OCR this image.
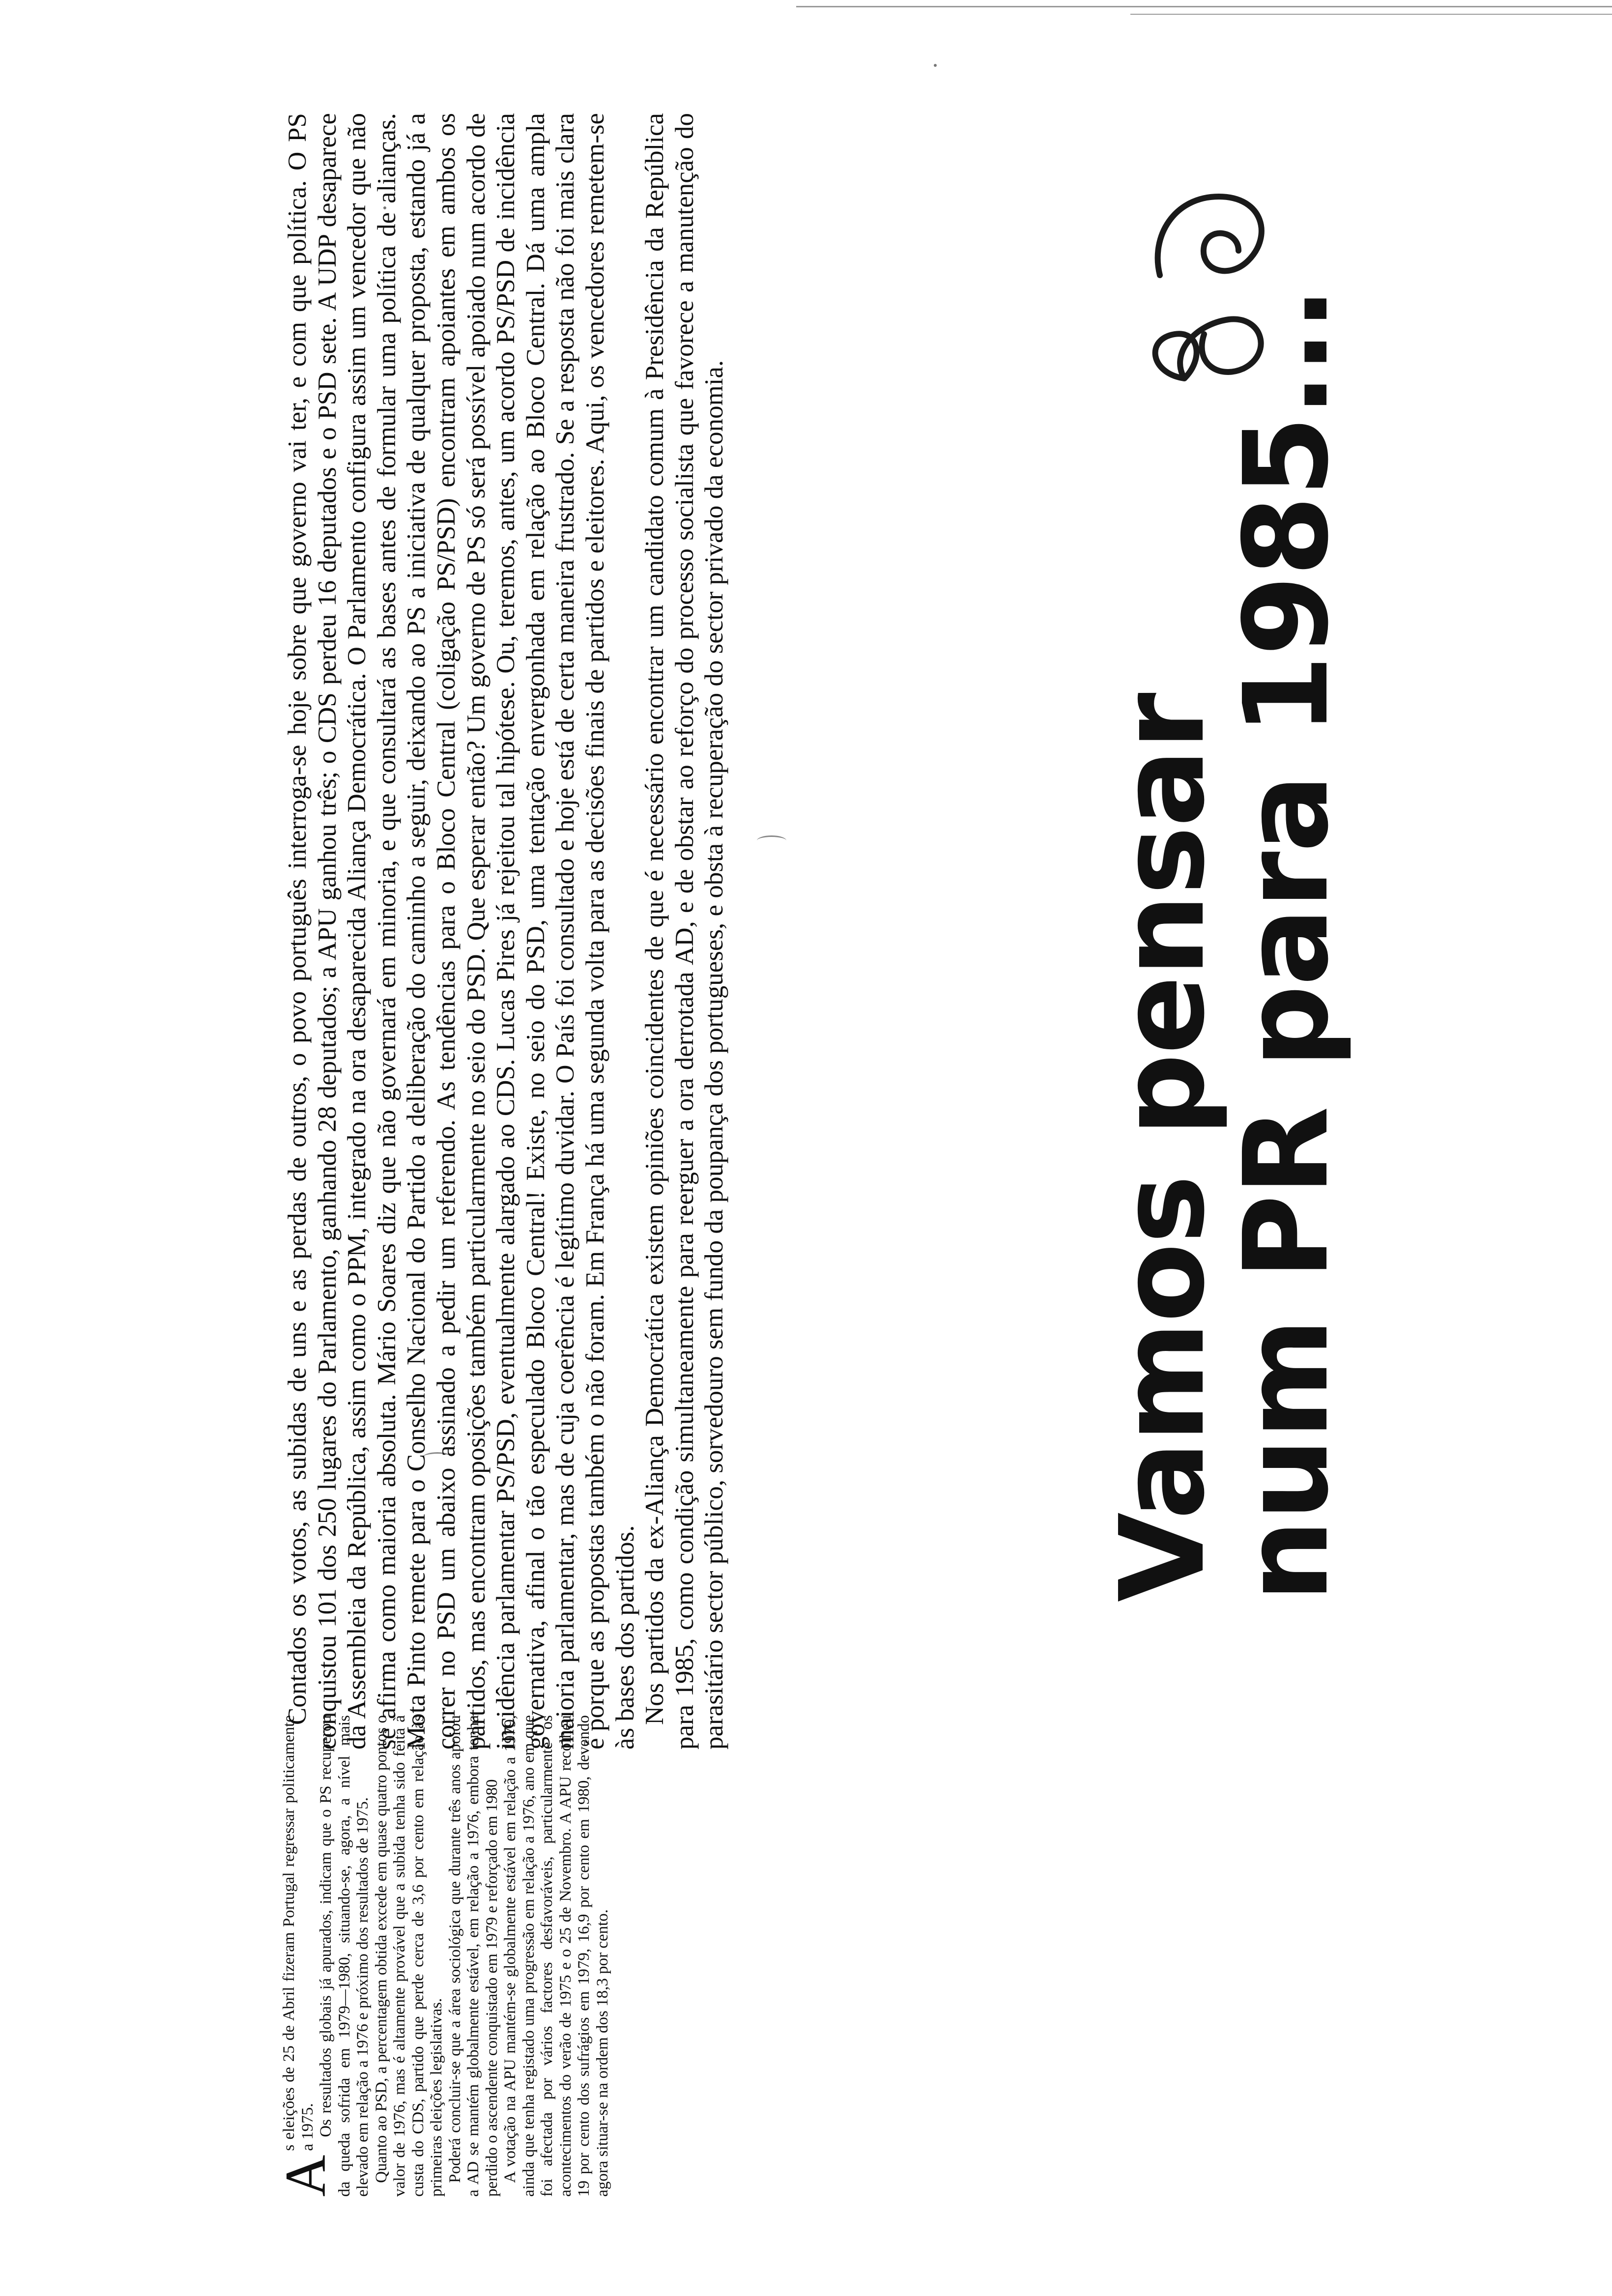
A
s eleições de 25 de Abril fizeram Portugal regressar politicamente a 1975. Os resultados globais já apurados, indicam que o PS recuperou da queda sofrida em 1979—1980, situando-se, agora, a nível mais elevado em relação a 1976 e próximo dos resultados de 1975. Quanto ao PSD, a percentagem obtida excede em quase quatro pontos o valor de 1976, mas é altamente provável que a subida tenha sido feita à custa do CDS, partido que perde cerca de 3,6 por cento em relação às primeiras eleições legislativas. Poderá concluir-se que a área sociológica que durante três anos apoiou a AD se mantém globalmente estável, em relação a 1976, embora tenha perdido o ascendente conquistado em 1979 e reforçado em 1980 A votação na APU mantém-se globalmente estável em relação a 1979, ainda que tenha registado uma progressão em relação a 1976, ano em que foi afectada por vários factores desfavoráveis, particularmente os acontecimentos do verão de 1975 e o 25 de Novembro. A APU recolheu 19 por cento dos sufrágios em 1979, 16,9 por cento em 1980, devendo agora situar-se na ordem dos 18,3 por cento.

Contados os votos, as subidas de uns e as perdas de outros, o povo português interroga-se hoje sobre que governo vai ter, e com que política. O PS conquistou 101 dos 250 lugares do Parlamento, ganhando 28 deputados; a APU ganhou três; o CDS perdeu 16 deputados e o PSD sete. A UDP desaparece da Assembleia da República, assim como o PPM, integrado na ora desaparecida Aliança Democrática. O Parlamento configura assim um vencedor que não se afirma como maioria absoluta. Mário Soares diz que não governará em minoria, e que consultará as bases antes de formular uma política de alianças. Mota Pinto remete para o Conselho Nacional do Partido a deliberação do caminho a seguir, deixando ao PS a iniciativa de qualquer proposta, estando já a correr no PSD um abaixo assinado a pedir um referendo. As tendências para o Bloco Central (coligação PS/PSD) encontram apoiantes em ambos os partidos, mas encontram oposições também particularmente no seio do PSD. Que esperar então? Um governo de PS só será possível apoiado num acordo de incidência parlamentar PS/PSD, eventualmente alargado ao CDS. Lucas Pires já rejeitou tal hipótese. Ou, teremos, antes, um acordo PS/PSD de incidência governativa, afinal o tão especulado Bloco Central! Existe, no seio do PSD, uma tentação envergonhada em relação ao Bloco Central. Dá uma ampla maioria parlamentar, mas de cuja coerência é legítimo duvidar. O País foi consultado e hoje está de certa maneira frustrado. Se a resposta não foi mais clara é porque as propostas também o não foram. Em França há uma segunda volta para as decisões finais de partidos e eleitores. Aqui, os vencedores remetem-se às bases dos partidos. Nos partidos da ex-Aliança Democrática existem opiniões coincidentes de que é necessário encontrar um candidato comum à Presidência da República para 1985, como condição simultaneamente para reerguer a ora derrotada AD, e de obstar ao reforço do processo socialista que favorece a manutenção do parasitário sector público, sorvedouro sem fundo da poupança dos portugueses, e obsta à recuperação do sector privado da economia.	Vamos pensar
num PR para 1985...
